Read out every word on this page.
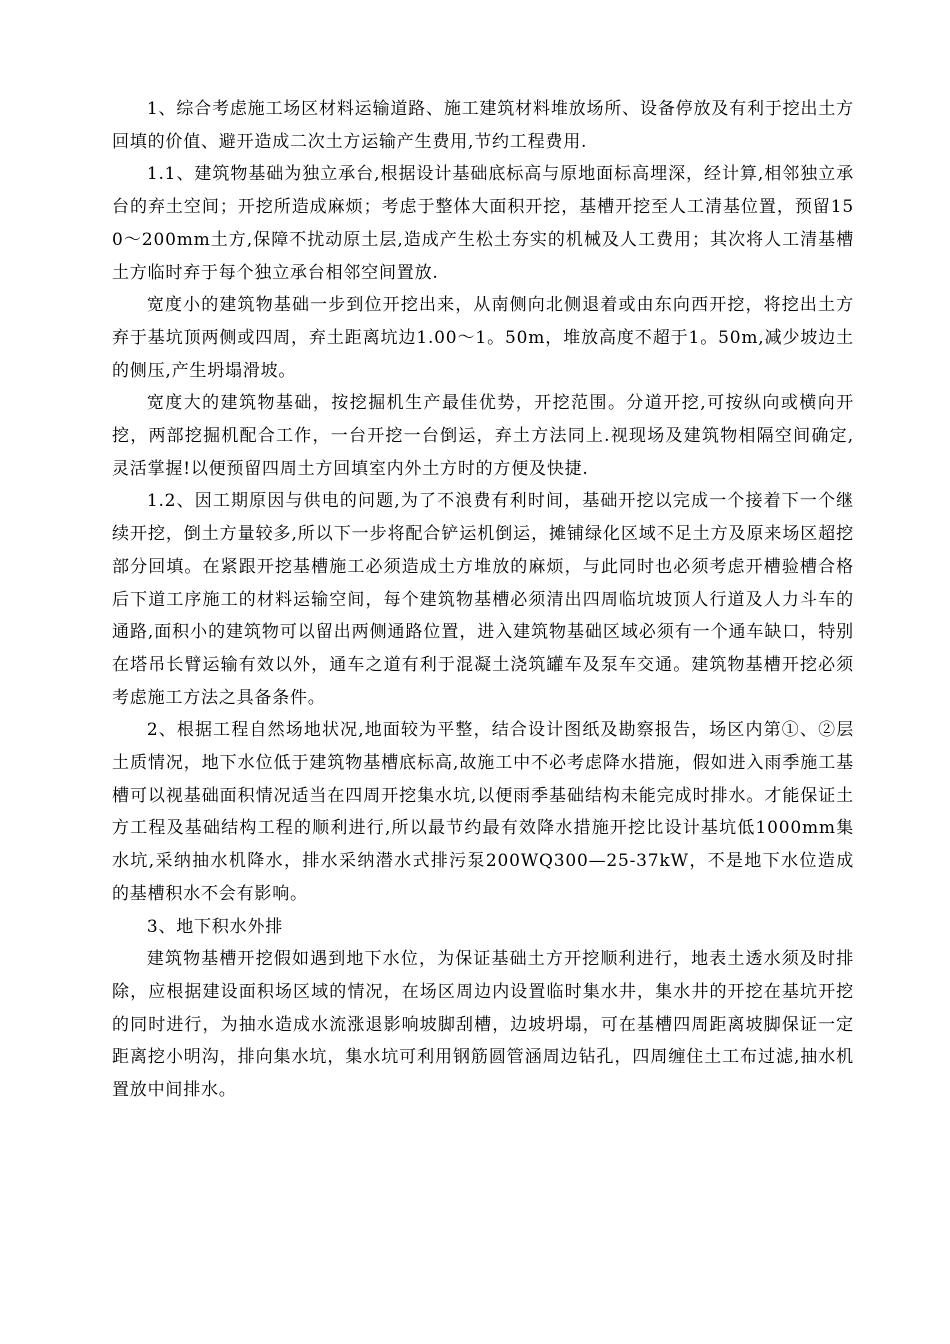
1、综合考虑施工场区材料运输道路、施工建筑材料堆放场所、设备停放及有利于挖出土方回填的价值、避开造成二次土方运输产生费用,节约工程费用.

1.1、建筑物基础为独立承台,根据设计基础底标高与原地面标高埋深，经计算,相邻独立承台的弃土空间；开挖所造成麻烦；考虑于整体大面积开挖，基槽开挖至人工清基位置，预留150～200mm土方,保障不扰动原土层,造成产生松土夯实的机械及人工费用；其次将人工清基槽土方临时弃于每个独立承台相邻空间置放.

宽度小的建筑物基础一步到位开挖出来，从南侧向北侧退着或由东向西开挖，将挖出土方弃于基坑顶两侧或四周，弃土距离坑边1.00～1。50m，堆放高度不超于1。50m,减少坡边土的侧压,产生坍塌滑坡。

宽度大的建筑物基础，按挖掘机生产最佳优势，开挖范围。分道开挖,可按纵向或横向开挖，两部挖掘机配合工作，一台开挖一台倒运，弃土方法同上.视现场及建筑物相隔空间确定,灵活掌握!以便预留四周土方回填室内外土方时的方便及快捷.

1.2、因工期原因与供电的问题,为了不浪费有利时间，基础开挖以完成一个接着下一个继续开挖，倒土方量较多,所以下一步将配合铲运机倒运，摊铺绿化区域不足土方及原来场区超挖部分回填。在紧跟开挖基槽施工必须造成土方堆放的麻烦，与此同时也必须考虑开槽验槽合格后下道工序施工的材料运输空间，每个建筑物基槽必须清出四周临坑坡顶人行道及人力斗车的通路,面积小的建筑物可以留出两侧通路位置，进入建筑物基础区域必须有一个通车缺口，特别在塔吊长臂运输有效以外，通车之道有利于混凝土浇筑罐车及泵车交通。建筑物基槽开挖必须考虑施工方法之具备条件。

2、根据工程自然场地状况,地面较为平整，结合设计图纸及勘察报告，场区内第①、②层土质情况，地下水位低于建筑物基槽底标高,故施工中不必考虑降水措施，假如进入雨季施工基槽可以视基础面积情况适当在四周开挖集水坑,以便雨季基础结构未能完成时排水。才能保证土方工程及基础结构工程的顺利进行,所以最节约最有效降水措施开挖比设计基坑低1000mm集水坑,采纳抽水机降水，排水采纳潜水式排污泵200WQ300—25-37kW，不是地下水位造成的基槽积水不会有影响。

3、地下积水外排

建筑物基槽开挖假如遇到地下水位，为保证基础土方开挖顺利进行，地表土透水须及时排除，应根据建设面积场区域的情况，在场区周边内设置临时集水井，集水井的开挖在基坑开挖的同时进行，为抽水造成水流涨退影响坡脚刮槽，边坡坍塌，可在基槽四周距离坡脚保证一定距离挖小明沟，排向集水坑，集水坑可利用钢筋圆管涵周边钻孔，四周缠住土工布过滤,抽水机置放中间排水。
